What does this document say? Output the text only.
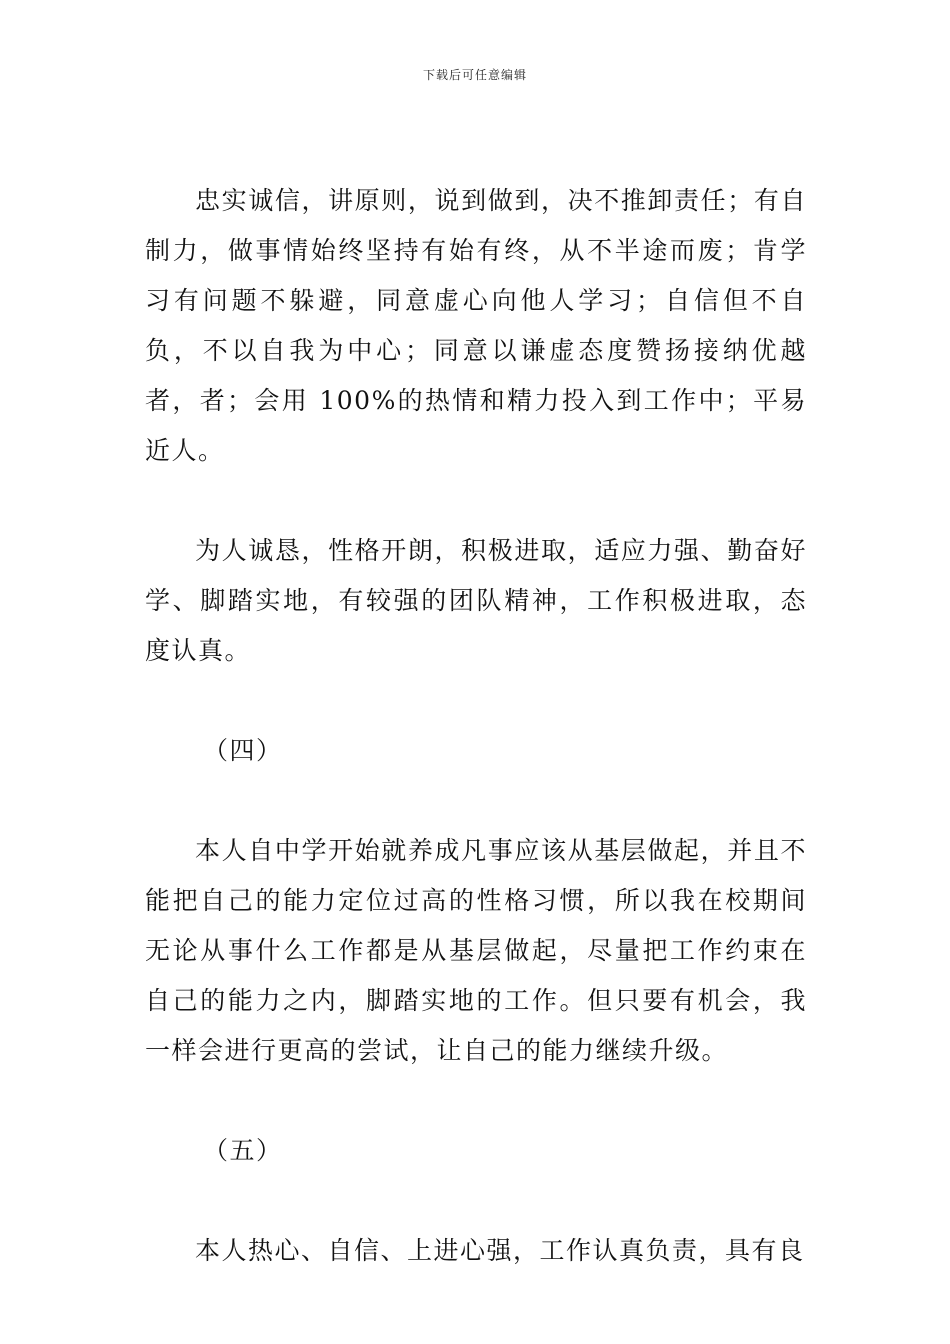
下载后可任意编辑

忠实诚信，讲原则，说到做到，决不推卸责任；有自制力，做事情始终坚持有始有终，从不半途而废；肯学习有问题不躲避，同意虚心向他人学习；自信但不自负，不以自我为中心；同意以谦虚态度赞扬接纳优越者，者；会用 100%的热情和精力投入到工作中；平易近人。

为人诚恳，性格开朗，积极进取，适应力强、勤奋好学、脚踏实地，有较强的团队精神，工作积极进取，态度认真。

（四）

本人自中学开始就养成凡事应该从基层做起，并且不能把自己的能力定位过高的性格习惯，所以我在校期间无论从事什么工作都是从基层做起，尽量把工作约束在自己的能力之内，脚踏实地的工作。但只要有机会，我一样会进行更高的尝试，让自己的能力继续升级。

（五）

本人热心、自信、上进心强，工作认真负责，具有良
